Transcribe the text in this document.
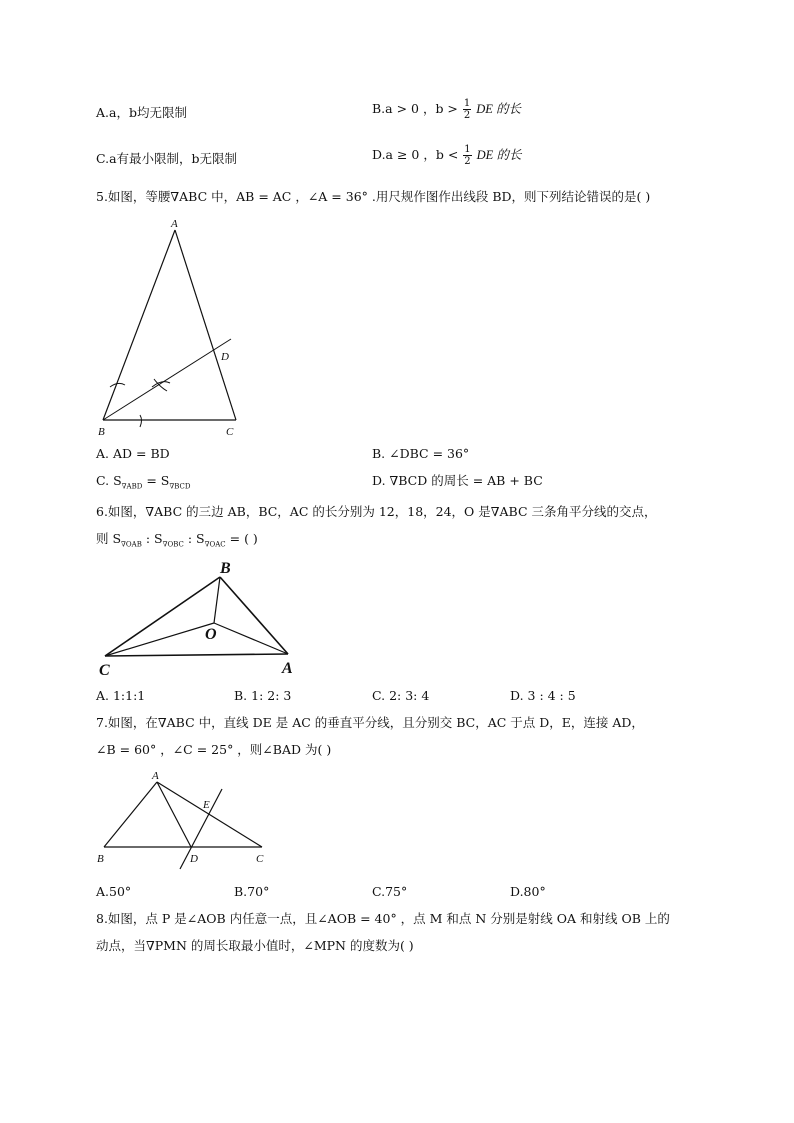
A.a，b均无限制	B.a > 0 ，$b > \frac{1}{2}$ DE 的长
C.a有最小限制，b无限制	D.a ≥ 0 ，$b < \frac{1}{2}$ DE 的长
5.如图，等腰∇ABC 中，AB = AC ，∠A = 36° .用尺规作图作出线段 BD，则下列结论错误的是( )
A
D
B	C
A. AD = BD	B. ∠DBC = 36°
C. $S_{\nabla ABD} = S_{\nabla BCD}$	D. ∇BCD 的周长 = AB + BC
6.如图，∇ABC 的三边 AB，BC，AC 的长分别为 12，18，24，O 是∇ABC 三条角平分线的交点，
则 $S_{\nabla OAB}$ : $S_{\nabla OBC}$ : $S_{\nabla OAC}$ = ( )
B
O
C	A
A. 1:1:1	B. 1: 2: 3	C. 2: 3: 4	D. 3 : 4 : 5
7.如图，在∇ABC 中，直线 DE 是 AC 的垂直平分线，且分别交 BC，AC 于点 D，E，连接 AD，
∠B = 60° ，∠C = 25° ，则∠BAD 为( )
A
E
B	D	C
A.50°	B.70°	C.75°	D.80°
8.如图，点 P 是∠AOB 内任意一点，且∠AOB = 40° ，点 M 和点 N 分别是射线 OA 和射线 OB 上的
动点，当∇PMN 的周长取最小值时，∠MPN 的度数为( )
